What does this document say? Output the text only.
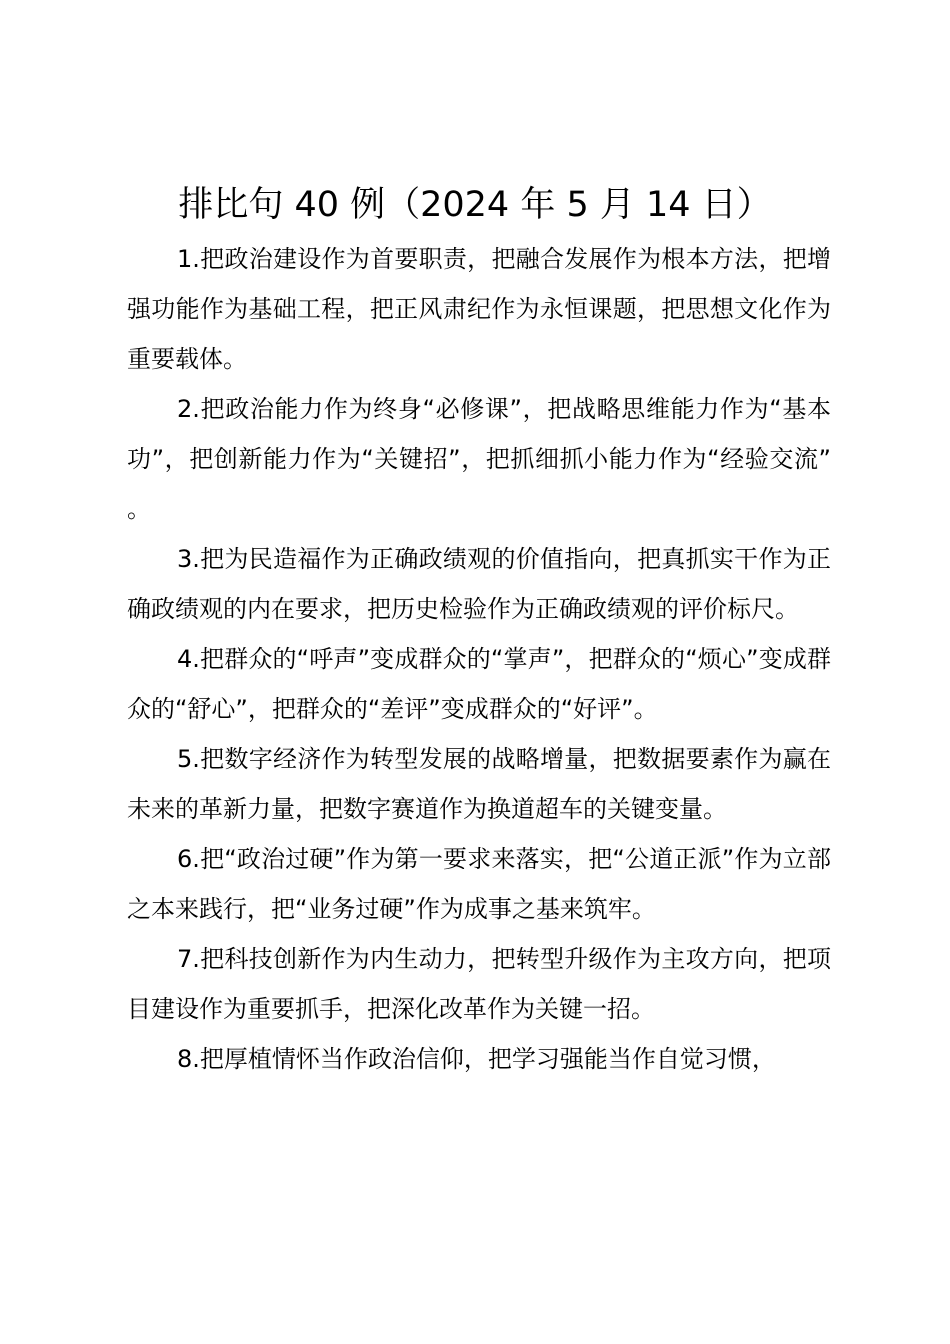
排比句 40 例（2024 年 5 月 14 日）

1.把政治建设作为首要职责，把融合发展作为根本方法，把增强功能作为基础工程，把正风肃纪作为永恒课题，把思想文化作为重要载体。

2.把政治能力作为终身“必修课”，把战略思维能力作为“基本功”，把创新能力作为“关键招”，把抓细抓小能力作为“经验交流”。

3.把为民造福作为正确政绩观的价值指向，把真抓实干作为正确政绩观的内在要求，把历史检验作为正确政绩观的评价标尺。

4.把群众的“呼声”变成群众的“掌声”，把群众的“烦心”变成群众的“舒心”，把群众的“差评”变成群众的“好评”。

5.把数字经济作为转型发展的战略增量，把数据要素作为赢在未来的革新力量，把数字赛道作为换道超车的关键变量。

6.把“政治过硬”作为第一要求来落实，把“公道正派”作为立部之本来践行，把“业务过硬”作为成事之基来筑牢。

7.把科技创新作为内生动力，把转型升级作为主攻方向，把项目建设作为重要抓手，把深化改革作为关键一招。

8.把厚植情怀当作政治信仰，把学习强能当作自觉习惯，
